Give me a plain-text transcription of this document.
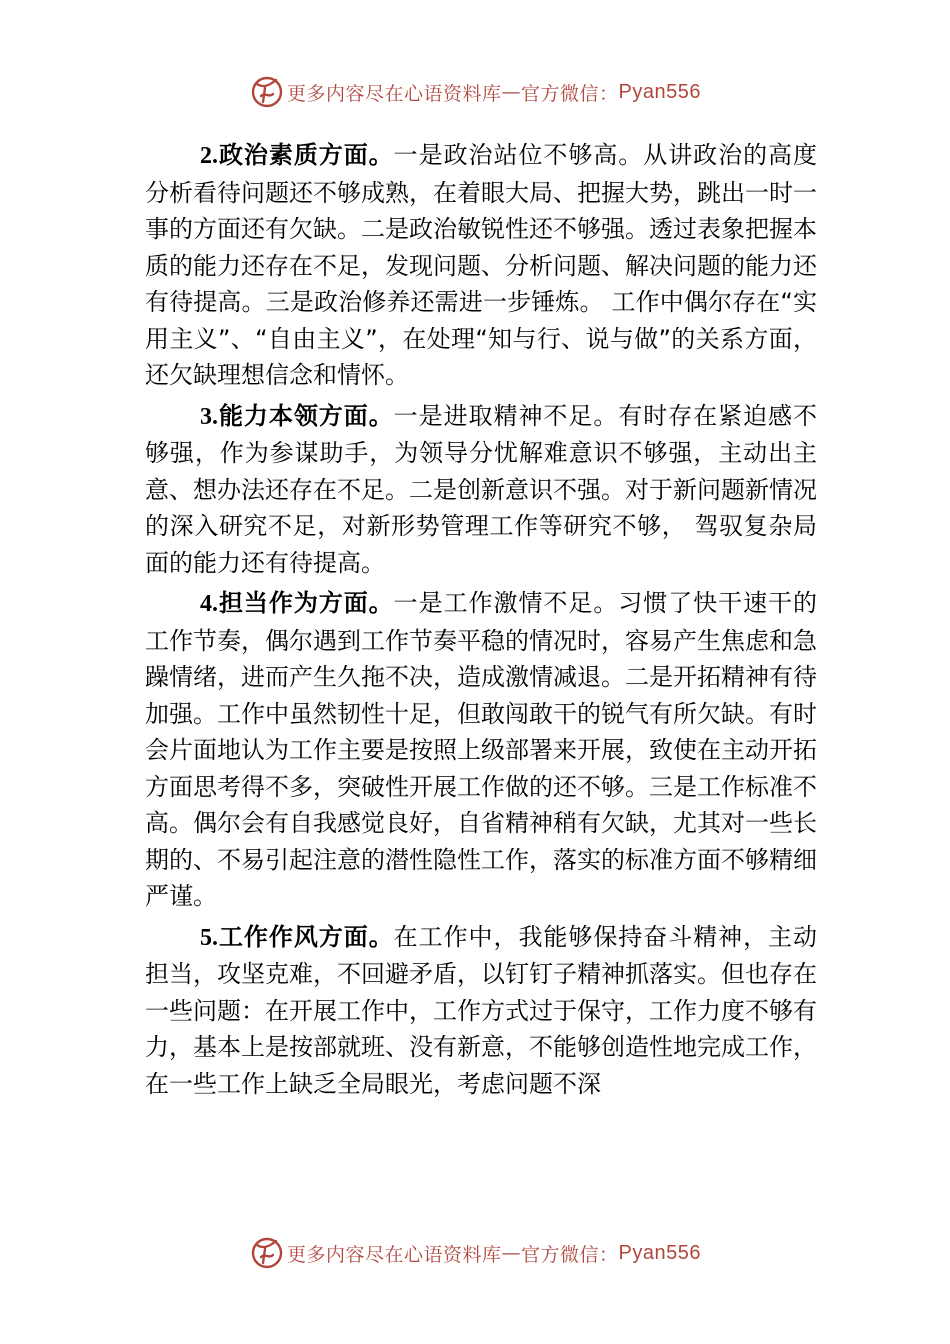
更多内容尽在心语资料库 — 官方微信： Pyan556

2.政治素质方面。一是政治站位不够高。从讲政治的高度分析看待问题还不够成熟，在着眼大局、把握大势，跳出一时一事的方面还有欠缺。二是政治敏锐性还不够强。透过表象把握本质的能力还存在不足，发现问题、分析问题、解决问题的能力还有待提高。三是政治修养还需进一步锤炼。 工作中偶尔存在“实用主义”、“自由主义”，在处理“知与行、说与做”的关系方面，还欠缺理想信念和情怀。

3.能力本领方面。一是进取精神不足。有时存在紧迫感不够强，作为参谋助手，为领导分忧解难意识不够强，主动出主意、想办法还存在不足。二是创新意识不强。对于新问题新情况的深入研究不足，对新形势管理工作等研究不够， 驾驭复杂局面的能力还有待提高。

4.担当作为方面。一是工作激情不足。习惯了快干速干的工作节奏，偶尔遇到工作节奏平稳的情况时，容易产生焦虑和急躁情绪，进而产生久拖不决，造成激情减退。二是开拓精神有待加强。工作中虽然韧性十足，但敢闯敢干的锐气有所欠缺。有时会片面地认为工作主要是按照上级部署来开展，致使在主动开拓方面思考得不多，突破性开展工作做的还不够。三是工作标准不高。偶尔会有自我感觉良好，自省精神稍有欠缺，尤其对一些长期的、不易引起注意的潜性隐性工作，落实的标准方面不够精细严谨。

5.工作作风方面。在工作中，我能够保持奋斗精神，主动担当，攻坚克难，不回避矛盾，以钉钉子精神抓落实。但也存在一些问题：在开展工作中，工作方式过于保守，工作力度不够有力，基本上是按部就班、没有新意，不能够创造性地完成工作，在一些工作上缺乏全局眼光，考虑问题不深

更多内容尽在心语资料库 — 官方微信： Pyan556
